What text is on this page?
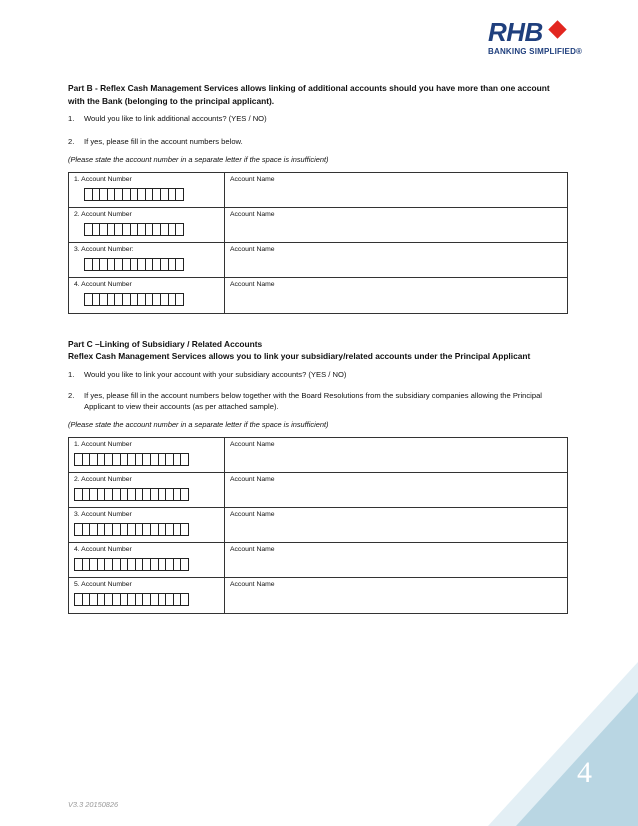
RHB
BANKING SIMPLIFIED®
Part B - Reflex Cash Management Services allows linking of additional accounts should you have more than one account with the Bank (belonging to the principal applicant).
1. Would you like to link additional accounts? (YES / NO)
2. If yes, please fill in the account numbers below.
(Please state the account number in a separate letter if the space is insufficient)
1. Account Number	Account Name
2. Account Number	Account Name
3. Account Number:	Account Name
4. Account Number	Account Name
Part C –Linking of Subsidiary / Related Accounts
Reflex Cash Management Services allows you to link your subsidiary/related accounts under the Principal Applicant
1. Would you like to link your account with your subsidiary accounts? (YES / NO)
2. If yes, please fill in the account numbers below together with the Board Resolutions from the subsidiary companies allowing the Principal Applicant to view their accounts (as per attached sample).
(Please state the account number in a separate letter if the space is insufficient)
1. Account Number	Account Name
2. Account Number	Account Name
3. Account Number	Account Name
4. Account Number	Account Name
5. Account Number	Account Name
4
V3.3 20150826
